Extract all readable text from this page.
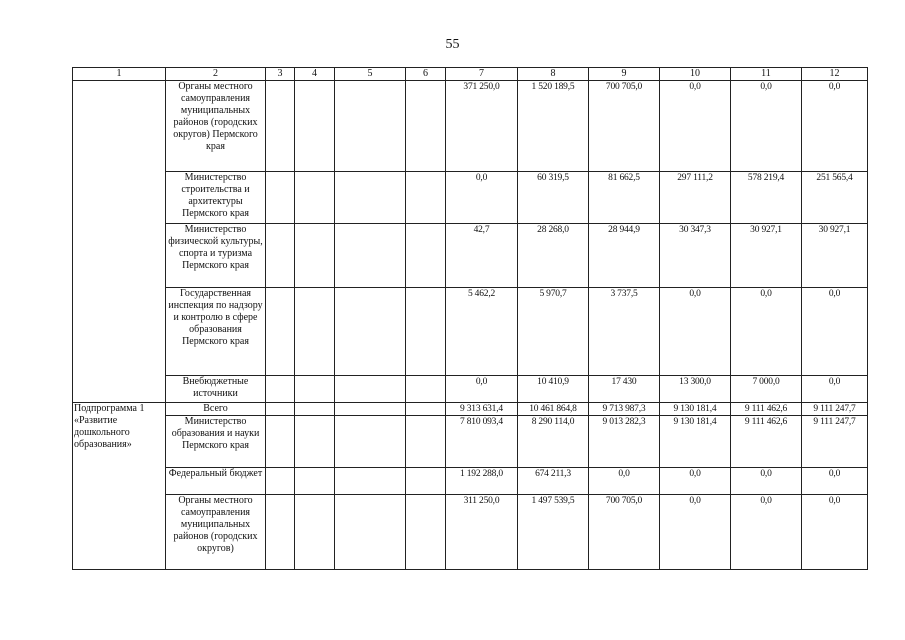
55
1	2	3	4	5	6	7	8	9	10	11	12
	Органы местного самоуправления муниципальных районов (городских округов) Пермского края					371 250,0	1 520 189,5	700 705,0	0,0	0,0	0,0
	Министерство строительства и архитектуры Пермского края					0,0	60 319,5	81 662,5	297 111,2	578 219,4	251 565,4
	Министерство физической культуры, спорта и туризма Пермского края					42,7	28 268,0	28 944,9	30 347,3	30 927,1	30 927,1
	Государственная инспекция по надзору и контролю в сфере образования Пермского края					5 462,2	5 970,7	3 737,5	0,0	0,0	0,0
	Внебюджетные источники					0,0	10 410,9	17 430	13 300,0	7 000,0	0,0

Подпрограмма 1
«Развитие
дошкольного
образования»	Всего					9 313 631,4	10 461 864,8	9 713 987,3	9 130 181,4	9 111 462,6	9 111 247,7
	Министерство образования и науки Пермского края					7 810 093,4	8 290 114,0	9 013 282,3	9 130 181,4	9 111 462,6	9 111 247,7
	Федеральный бюджет					1 192 288,0	674 211,3	0,0	0,0	0,0	0,0
	Органы местного самоуправления муниципальных районов (городских округов)					311 250,0	1 497 539,5	700 705,0	0,0	0,0	0,0
